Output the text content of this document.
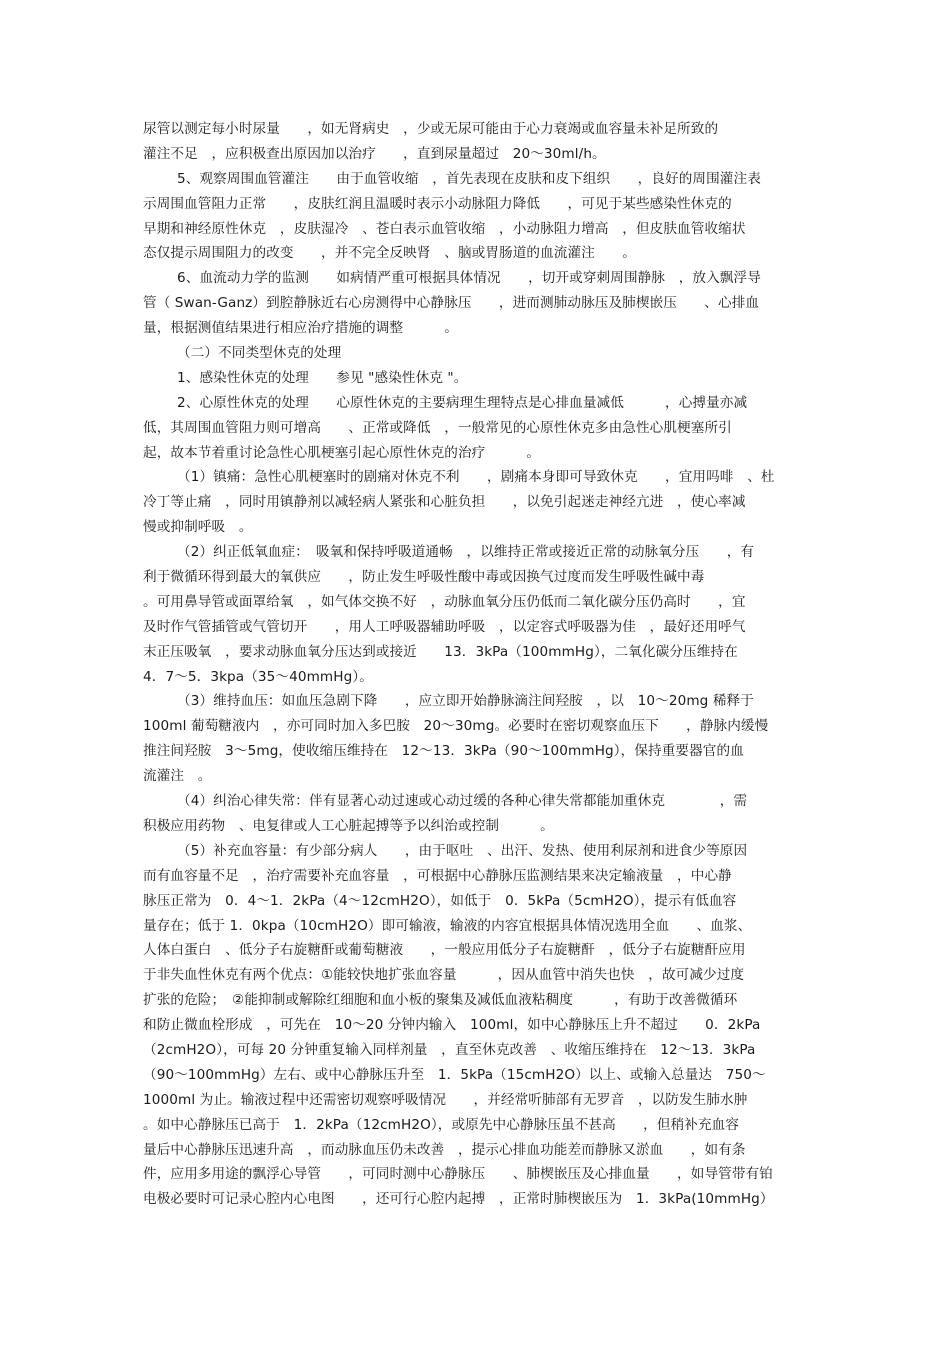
尿管以测定每小时尿量　　，如无肾病史　，少或无尿可能由于心力衰竭或血容量未补足所致的
灌注不足　，应积极查出原因加以治疗　　，直到尿量超过　20～30ml/h。
5、观察周围血管灌注　　由于血管收缩　，首先表现在皮肤和皮下组织　　，良好的周围灌注表
示周围血管阻力正常　　，皮肤红润且温暖时表示小动脉阻力降低　　，可见于某些感染性休克的
早期和神经原性休克　，皮肤湿冷　、苍白表示血管收缩　，小动脉阻力增高　，但皮肤血管收缩状
态仅提示周围阻力的改变　　，并不完全反映肾　、脑或胃肠道的血流灌注　　。
6、血流动力学的监测　　如病情严重可根据具体情况　　，切开或穿刺周围静脉　，放入飘浮导
管（ Swan-Ganz）到腔静脉近右心房测得中心静脉压　　，进而测肺动脉压及肺楔嵌压　　、心排血
量，根据测值结果进行相应治疗措施的调整　　　。
（二）不同类型休克的处理
1、感染性休克的处理　　参见 "感染性休克 "。
2、心原性休克的处理　　心原性休克的主要病理生理特点是心排血量减低　　　，心搏量亦减
低，其周围血管阻力则可增高　　、正常或降低　，一般常见的心原性休克多由急性心肌梗塞所引
起，故本节着重讨论急性心肌梗塞引起心原性休克的治疗　　　。
（1）镇痛：急性心肌梗塞时的剧痛对休克不利　　，剧痛本身即可导致休克　　，宜用吗啡　、杜
冷丁等止痛　，同时用镇静剂以减轻病人紧张和心脏负担　　，以免引起迷走神经亢进　，使心率减
慢或抑制呼吸　。
（2）纠正低氧血症：　吸氧和保持呼吸道通畅　，以维持正常或接近正常的动脉氧分压　　，有
利于微循环得到最大的氧供应　　，防止发生呼吸性酸中毒或因换气过度而发生呼吸性碱中毒
。可用鼻导管或面罩给氧　，如气体交换不好　，动脉血氧分压仍低而二氧化碳分压仍高时　　，宜
及时作气管插管或气管切开　　，用人工呼吸器辅助呼吸　，以定容式呼吸器为佳　，最好还用呼气
末正压吸氧　，要求动脉血氧分压达到或接近　　13．3kPa（100mmHg），二氧化碳分压维持在
4．7～5．3kpa（35～40mmHg）。
（3）维持血压：如血压急剧下降　　，应立即开始静脉滴注间羟胺　，以　10～20mg 稀释于
100ml 葡萄糖液内　，亦可同时加入多巴胺　20～30mg。必要时在密切观察血压下　　，静脉内缓慢
推注间羟胺　3～5mg，使收缩压维持在　12～13．3kPa（90～100mmHg），保持重要器官的血
流灌注　。
（4）纠治心律失常：伴有显著心动过速或心动过缓的各种心律失常都能加重休克　　　　，需
积极应用药物　、电复律或人工心脏起搏等予以纠治或控制　　　。
（5）补充血容量：有少部分病人　　，由于呕吐　、出汗、发热、使用利尿剂和进食少等原因
而有血容量不足　，治疗需要补充血容量　，可根据中心静脉压监测结果来决定输液量　，中心静
脉压正常为　0．4～1．2kPa（4～12cmH2O），如低于　0．5kPa（5cmH2O），提示有低血容
量存在；低于 1．0kpa（10cmH2O）即可输液，输液的内容宜根据具体情况选用全血　　、血浆、
人体白蛋白　、低分子右旋糖酐或葡萄糖液　　，一般应用低分子右旋糖酐　，低分子右旋糖酐应用
于非失血性休克有两个优点：①能较快地扩张血容量　　　，因从血管中消失也快　，故可减少过度
扩张的危险；　②能抑制或解除红细胞和血小板的聚集及减低血液粘稠度　　　，有助于改善微循环
和防止微血栓形成　，可先在　10～20 分钟内输入　100ml，如中心静脉压上升不超过　　0．2kPa
（2cmH2O），可每 20 分钟重复输入同样剂量　，直至休克改善　、收缩压维持在　12～13．3kPa
（90～100mmHg）左右、或中心静脉压升至　1．5kPa（15cmH2O）以上、或输入总量达　750～
1000ml 为止。输液过程中还需密切观察呼吸情况　　，并经常听肺部有无罗音　，以防发生肺水肿
。如中心静脉压已高于　1．2kPa（12cmH2O），或原先中心静脉压虽不甚高　　，但稍补充血容
量后中心静脉压迅速升高　，而动脉血压仍未改善　，提示心排血功能差而静脉又淤血　　，如有条
件，应用多用途的飘浮心导管　　，可同时测中心静脉压　　、肺楔嵌压及心排血量　　，如导管带有铂
电极必要时可记录心腔内心电图　　，还可行心腔内起搏　，正常时肺楔嵌压为　1．3kPa(10mmHg）
